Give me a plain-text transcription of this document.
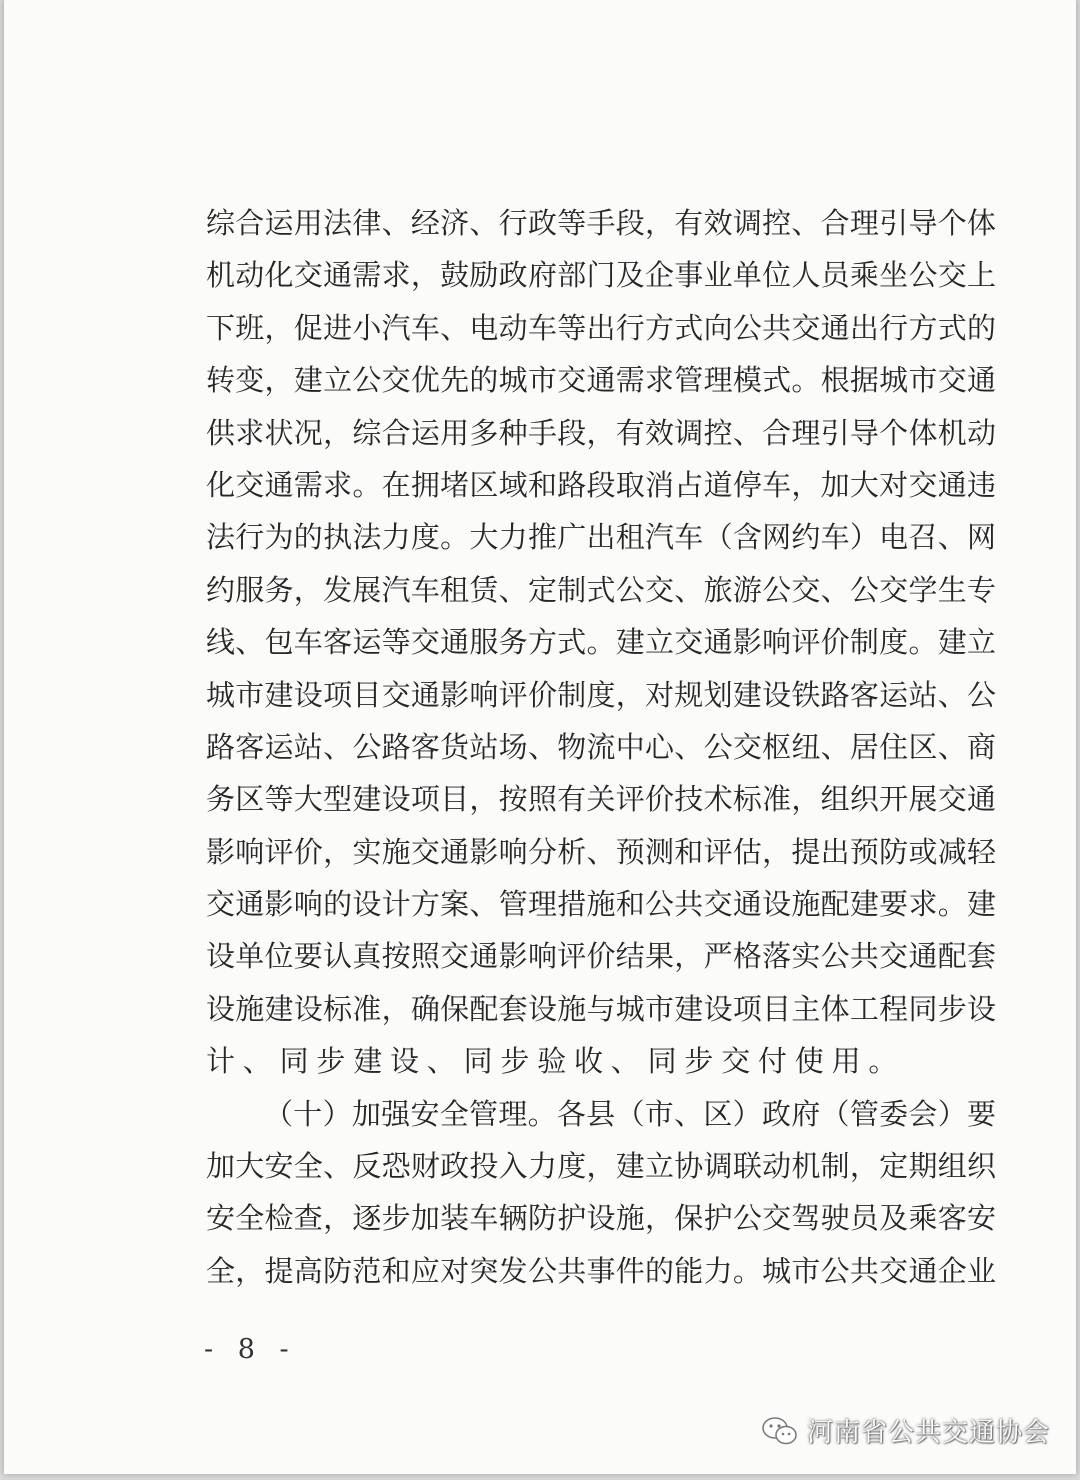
综合运用法律、经济、行政等手段，有效调控、合理引导个体
机动化交通需求，鼓励政府部门及企事业单位人员乘坐公交上
下班，促进小汽车、电动车等出行方式向公共交通出行方式的
转变，建立公交优先的城市交通需求管理模式。根据城市交通
供求状况，综合运用多种手段，有效调控、合理引导个体机动
化交通需求。在拥堵区域和路段取消占道停车，加大对交通违
法行为的执法力度。大力推广出租汽车（含网约车）电召、网
约服务，发展汽车租赁、定制式公交、旅游公交、公交学生专
线、包车客运等交通服务方式。建立交通影响评价制度。建立
城市建设项目交通影响评价制度，对规划建设铁路客运站、公
路客运站、公路客货站场、物流中心、公交枢纽、居住区、商
务区等大型建设项目，按照有关评价技术标准，组织开展交通
影响评价，实施交通影响分析、预测和评估，提出预防或减轻
交通影响的设计方案、管理措施和公共交通设施配建要求。建
设单位要认真按照交通影响评价结果，严格落实公共交通配套
设施建设标准，确保配套设施与城市建设项目主体工程同步设
计、同步建设、同步验收、同步交付使用。
（十）加强安全管理。各县（市、区）政府（管委会）要
加大安全、反恐财政投入力度，建立协调联动机制，定期组织
安全检查，逐步加装车辆防护设施，保护公交驾驶员及乘客安
全，提高防范和应对突发公共事件的能力。城市公共交通企业
- 8 -
河南省公共交通协会
